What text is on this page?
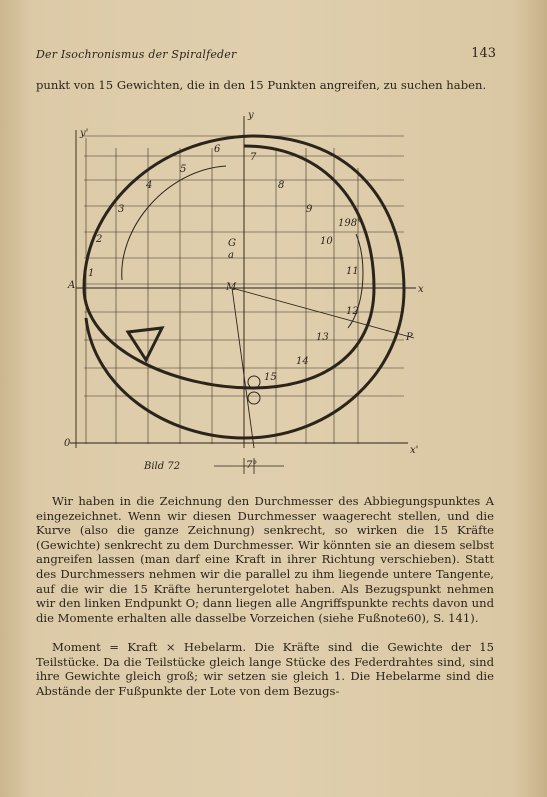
Der Isochronismus der Spiralfeder	143

punkt von 15 Gewichten, die in den 15 Punkten angreifen, zu suchen haben.

y'
y
x
x'
0
A	M
G
a
P
198°
7°
Bild 72
1
2
3
4
5
6
7
8
9
10
11
12
13
14
15

Wir haben in die Zeichnung den Durchmesser des Abbiegungspunktes A eingezeichnet. Wenn wir diesen Durchmesser waagerecht stellen, und die Kurve (also die ganze Zeichnung) senkrecht, so wirken die 15 Kräfte (Gewichte) senkrecht zu dem Durchmesser. Wir könnten sie an diesem selbst angreifen lassen (man darf eine Kraft in ihrer Richtung verschieben). Statt des Durchmessers nehmen wir die parallel zu ihm liegende untere Tangente, auf die wir die 15 Kräfte heruntergelotet haben. Als Bezugspunkt nehmen wir den linken Endpunkt O; dann liegen alle Angriffspunkte rechts davon und die Momente erhalten alle dasselbe Vorzeichen (siehe Fußnote60), S. 141).

Moment = Kraft × Hebelarm. Die Kräfte sind die Gewichte der 15 Teilstücke. Da die Teilstücke gleich lange Stücke des Federdrahtes sind, sind ihre Gewichte gleich groß; wir setzen sie gleich 1. Die Hebelarme sind die Abstände der Fußpunkte der Lote von dem Bezugs-
